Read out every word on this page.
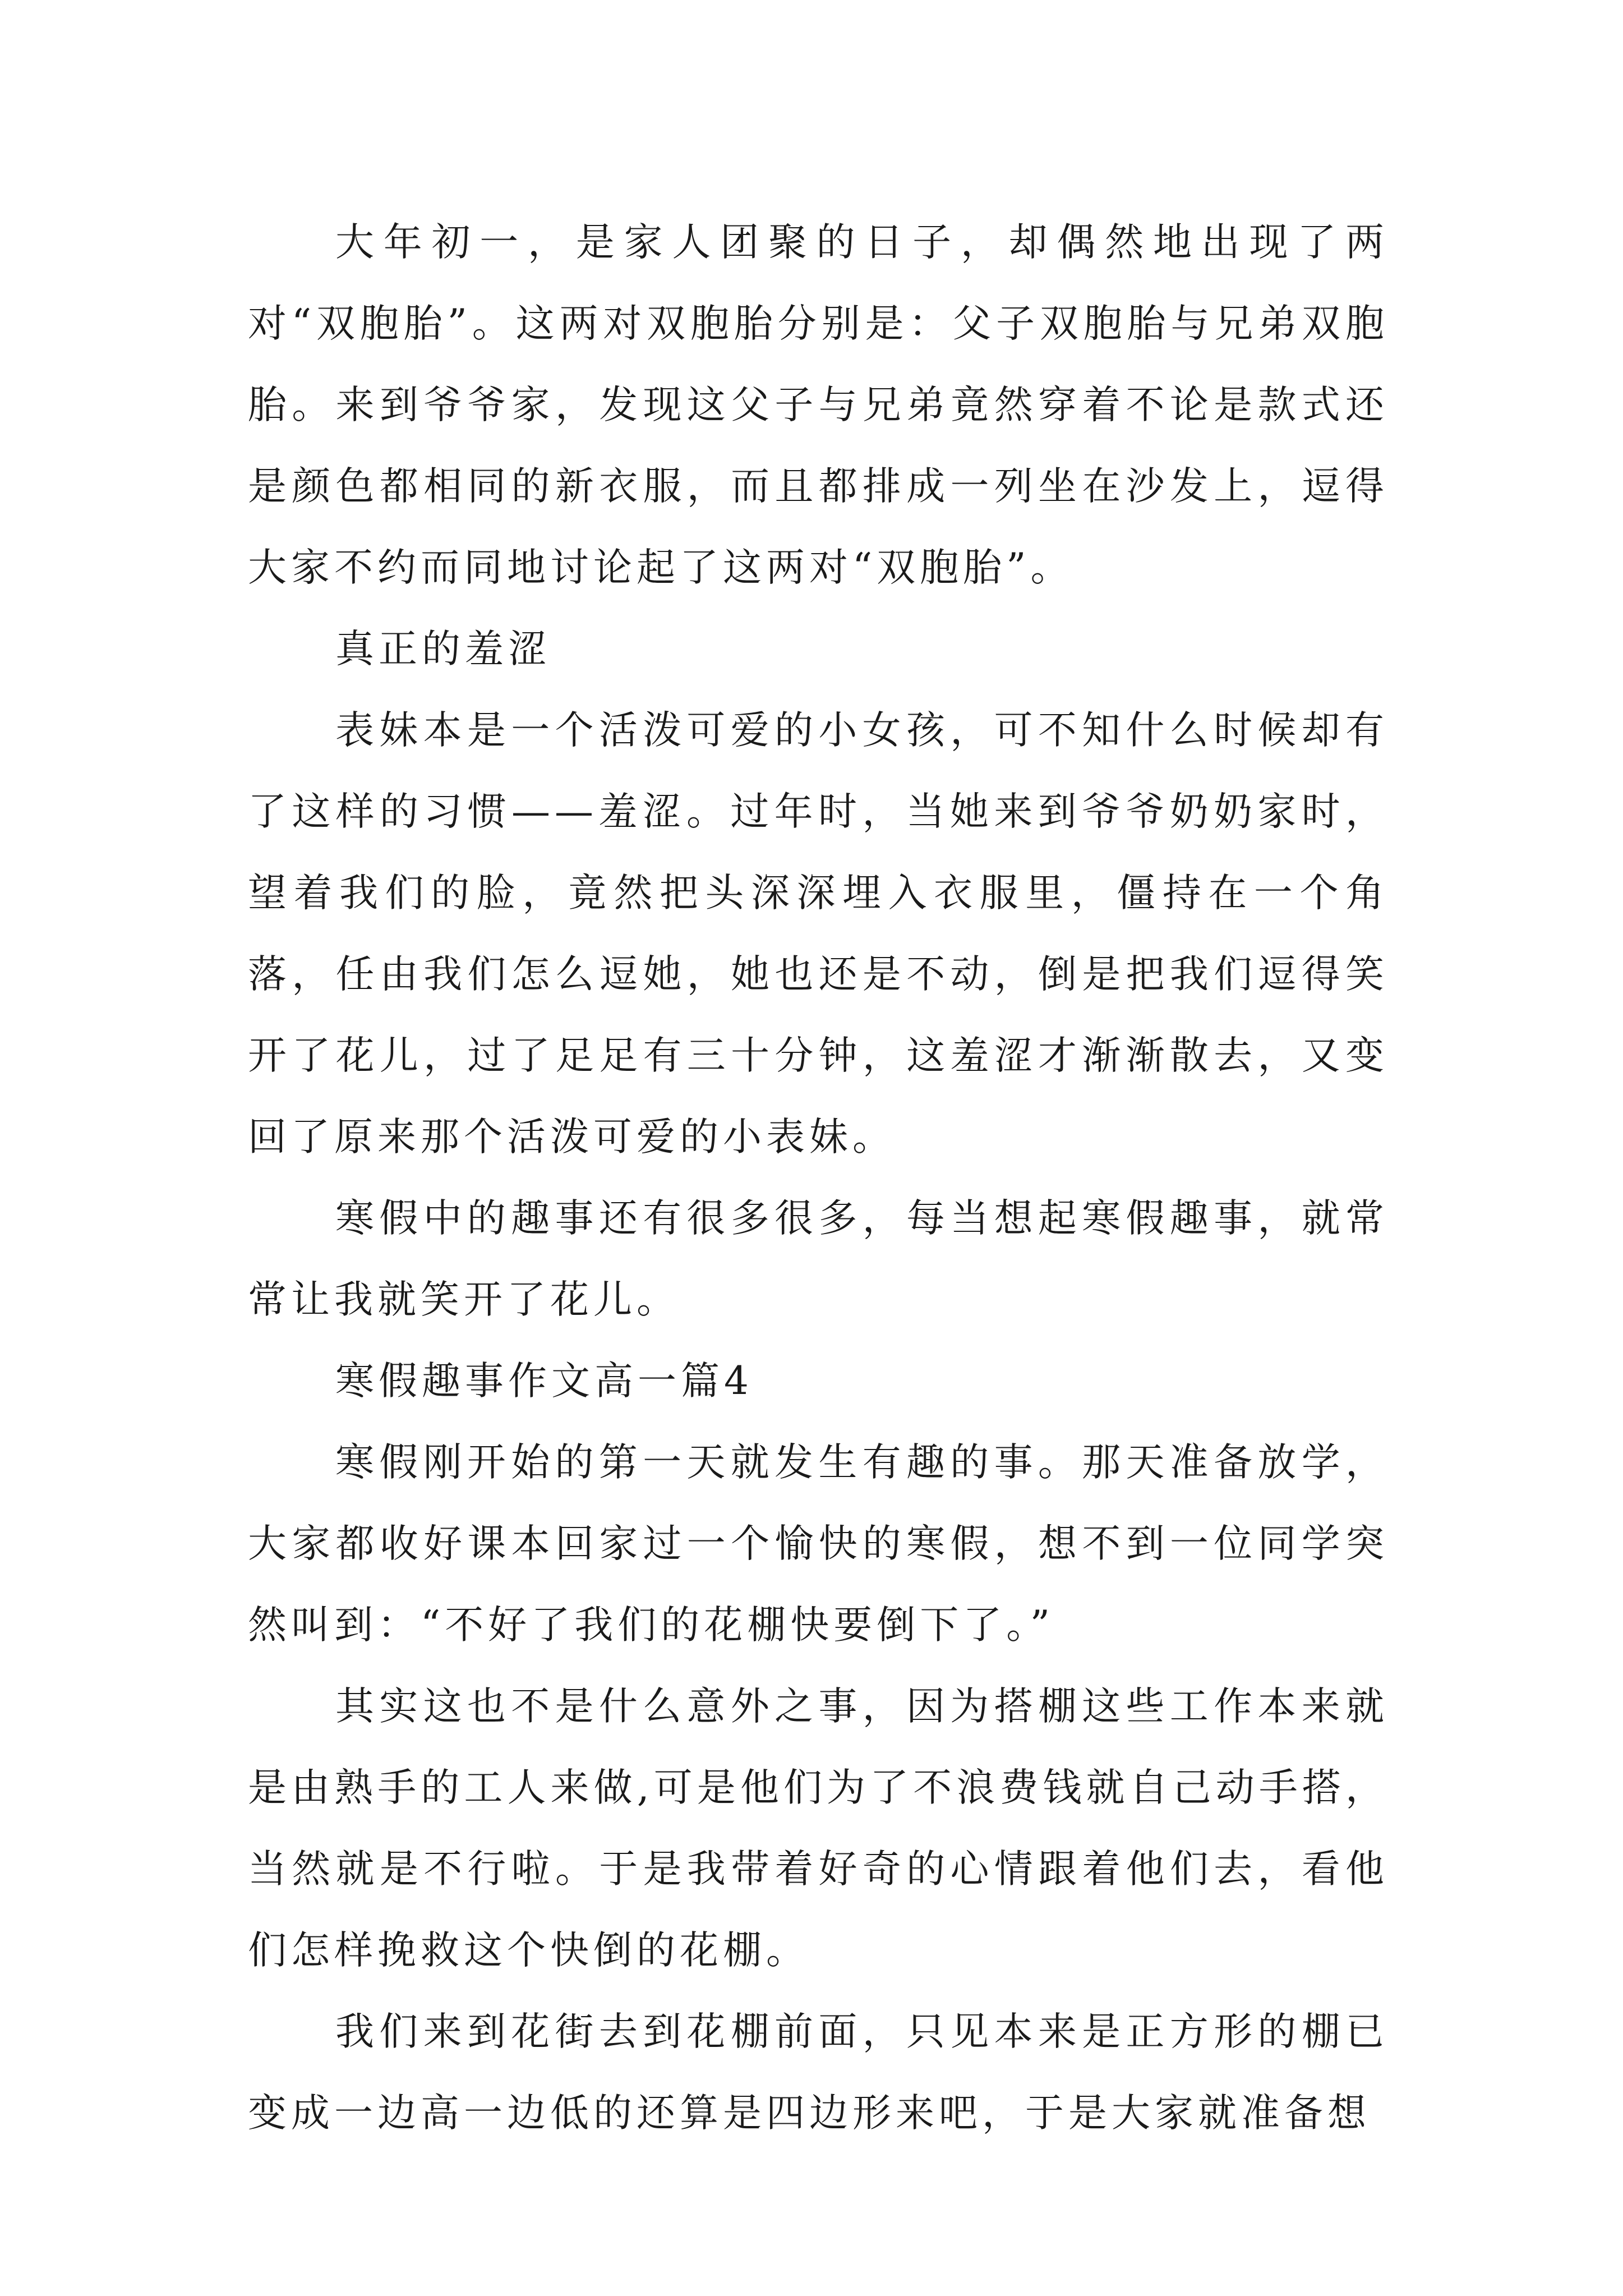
大年初一，是家人团聚的日子，却偶然地出现了两对“双胞胎”。这两对双胞胎分别是：父子双胞胎与兄弟双胞胎。来到爷爷家，发现这父子与兄弟竟然穿着不论是款式还是颜色都相同的新衣服，而且都排成一列坐在沙发上，逗得大家不约而同地讨论起了这两对“双胞胎”。

真正的羞涩

表妹本是一个活泼可爱的小女孩，可不知什么时候却有了这样的习惯——羞涩。过年时，当她来到爷爷奶奶家时，望着我们的脸，竟然把头深深埋入衣服里，僵持在一个角落，任由我们怎么逗她，她也还是不动，倒是把我们逗得笑开了花儿，过了足足有三十分钟，这羞涩才渐渐散去，又变回了原来那个活泼可爱的小表妹。

寒假中的趣事还有很多很多，每当想起寒假趣事，就常常让我就笑开了花儿。

寒假趣事作文高一篇4

寒假刚开始的第一天就发生有趣的事。那天准备放学，大家都收好课本回家过一个愉快的寒假，想不到一位同学突然叫到：“不好了我们的花棚快要倒下了。”

其实这也不是什么意外之事，因为搭棚这些工作本来就是由熟手的工人来做,可是他们为了不浪费钱就自己动手搭，当然就是不行啦。于是我带着好奇的心情跟着他们去，看他们怎样挽救这个快倒的花棚。

我们来到花街去到花棚前面，只见本来是正方形的棚已变成一边高一边低的还算是四边形来吧，于是大家就准备想
